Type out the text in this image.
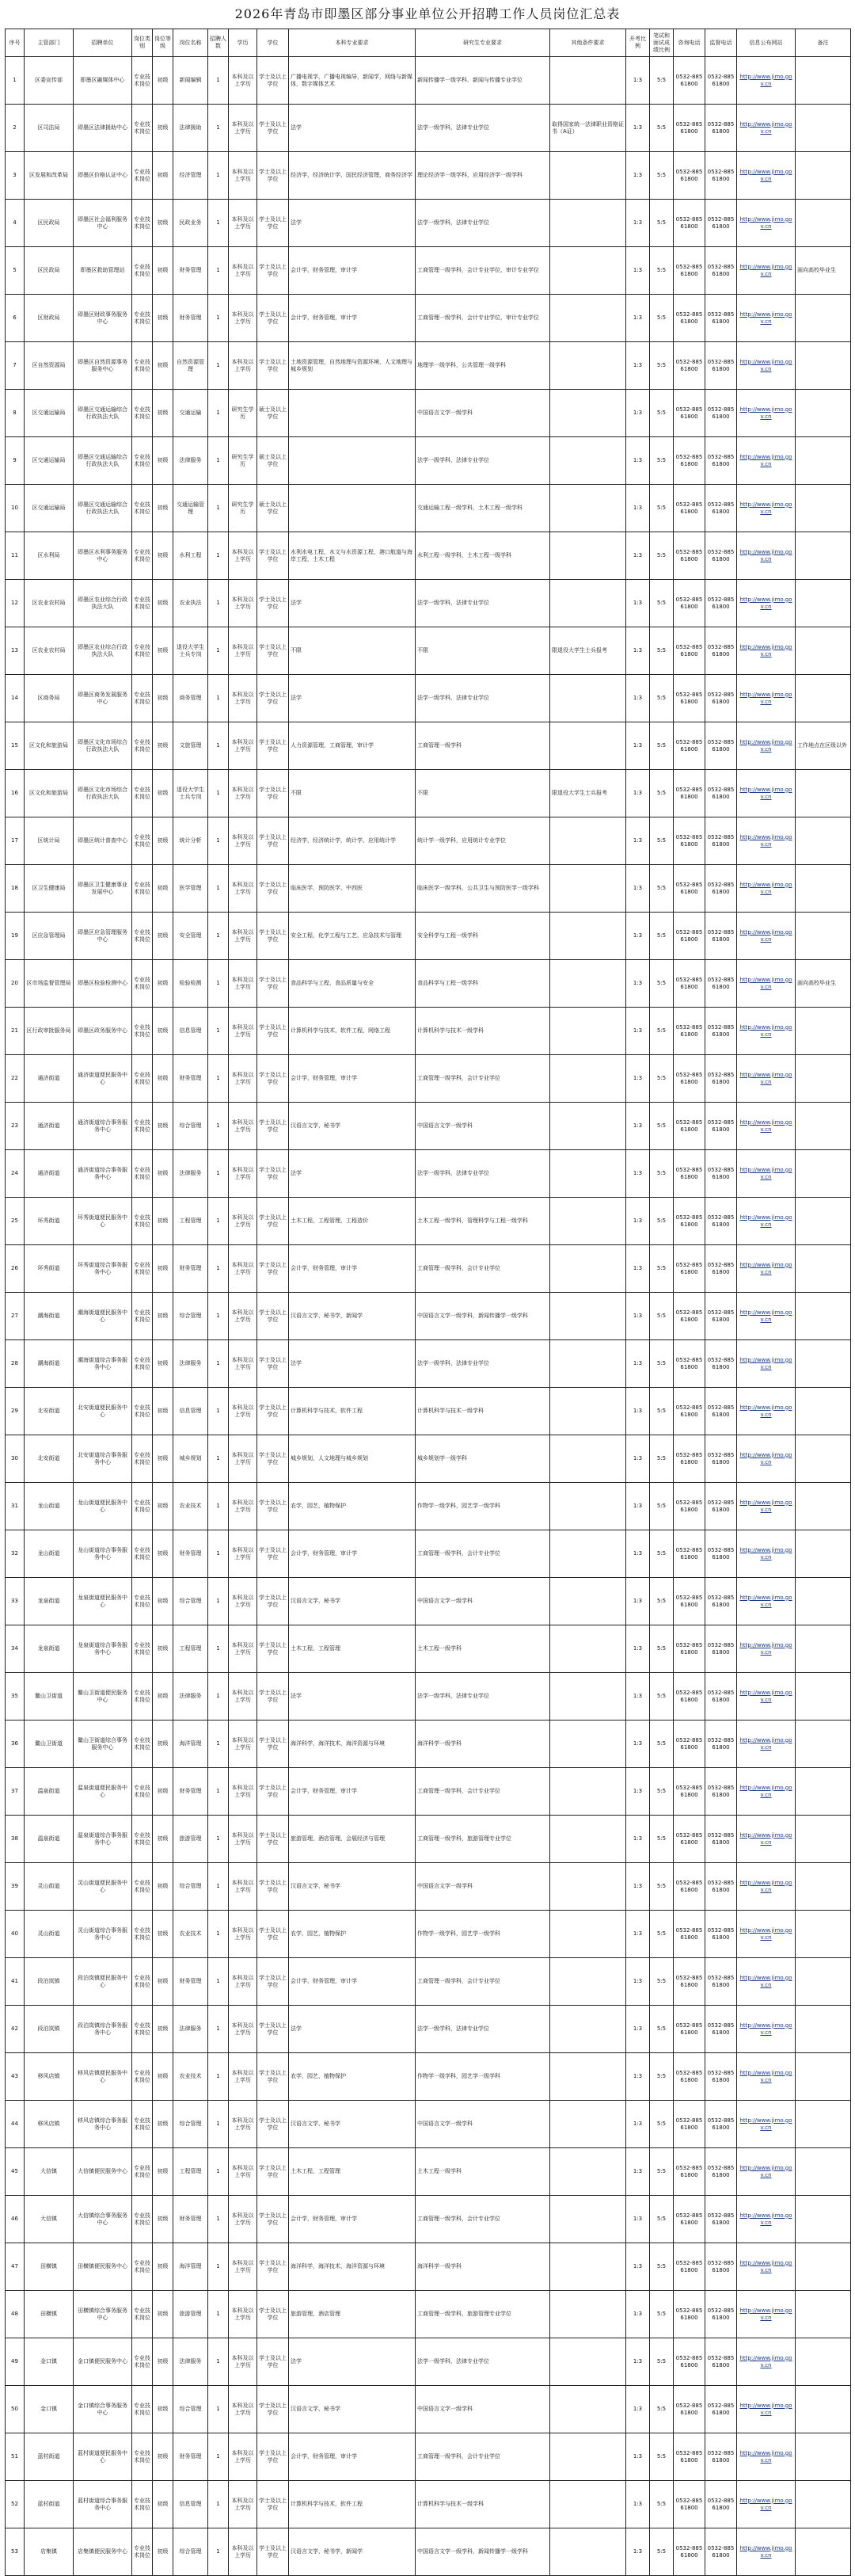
2026年青岛市即墨区部分事业单位公开招聘工作人员岗位汇总表
序号	主管部门	招聘单位	岗位类别	岗位等级	岗位名称	招聘人数	学历	学位	本科专业要求	研究生专业要求	其他条件要求	开考比例	笔试和面试成绩比例	咨询电话	监督电话	信息公布网站	备注
1	区委宣传部	即墨区融媒体中心	专业技术岗位	初级	新闻编辑	1	本科及以上学历	学士及以上学位	广播电视学，广播电视编导，新闻学，网络与新媒体，数字媒体艺术	新闻传播学一级学科，新闻与传播专业学位		1:3	5:5	0532-88561800	0532-88561800	http://www.jimo.gov.cn	
2	区司法局	即墨区法律援助中心	专业技术岗位	初级	法律援助	1	本科及以上学历	学士及以上学位	法学	法学一级学科，法律专业学位	取得国家统一法律职业资格证书（A证）	1:3	5:5	0532-88561800	0532-88561800	http://www.jimo.gov.cn	
3	区发展和改革局	即墨区价格认证中心	专业技术岗位	初级	经济管理	1	本科及以上学历	学士及以上学位	经济学，经济统计学，国民经济管理，商务经济学	理论经济学一级学科，应用经济学一级学科		1:3	5:5	0532-88561800	0532-88561800	http://www.jimo.gov.cn	
4	区民政局	即墨区社会福利服务中心	专业技术岗位	初级	民政业务	1	本科及以上学历	学士及以上学位	法学	法学一级学科，法律专业学位		1:3	5:5	0532-88561800	0532-88561800	http://www.jimo.gov.cn	
5	区民政局	即墨区救助管理站	专业技术岗位	初级	财务管理	1	本科及以上学历	学士及以上学位	会计学，财务管理，审计学	工商管理一级学科，会计专业学位，审计专业学位		1:3	5:5	0532-88561800	0532-88561800	http://www.jimo.gov.cn	面向高校毕业生
6	区财政局	即墨区财政事务服务中心	专业技术岗位	初级	财务管理	1	本科及以上学历	学士及以上学位	会计学，财务管理，审计学	工商管理一级学科，会计专业学位，审计专业学位		1:3	5:5	0532-88561800	0532-88561800	http://www.jimo.gov.cn	
7	区自然资源局	即墨区自然资源事务服务中心	专业技术岗位	初级	自然资源管理	1	本科及以上学历	学士及以上学位	土地资源管理，自然地理与资源环境，人文地理与城乡规划	地理学一级学科，公共管理一级学科		1:3	5:5	0532-88561800	0532-88561800	http://www.jimo.gov.cn	
8	区交通运输局	即墨区交通运输综合行政执法大队	专业技术岗位	初级	交通运输	1	研究生学历	硕士及以上学位		中国语言文学一级学科		1:3	5:5	0532-88561800	0532-88561800	http://www.jimo.gov.cn	
9	区交通运输局	即墨区交通运输综合行政执法大队	专业技术岗位	初级	法律服务	1	研究生学历	硕士及以上学位		法学一级学科，法律专业学位		1:3	5:5	0532-88561800	0532-88561800	http://www.jimo.gov.cn	
10	区交通运输局	即墨区交通运输综合行政执法大队	专业技术岗位	初级	交通运输管理	1	研究生学历	硕士及以上学位		交通运输工程一级学科，土木工程一级学科		1:3	5:5	0532-88561800	0532-88561800	http://www.jimo.gov.cn	
11	区水利局	即墨区水利事务服务中心	专业技术岗位	初级	水利工程	1	本科及以上学历	学士及以上学位	水利水电工程，水文与水资源工程，港口航道与海岸工程，土木工程	水利工程一级学科，土木工程一级学科		1:3	5:5	0532-88561800	0532-88561800	http://www.jimo.gov.cn	
12	区农业农村局	即墨区农业综合行政执法大队	专业技术岗位	初级	农业执法	1	本科及以上学历	学士及以上学位	法学	法学一级学科，法律专业学位		1:3	5:5	0532-88561800	0532-88561800	http://www.jimo.gov.cn	
13	区农业农村局	即墨区农业综合行政执法大队	专业技术岗位	初级	退役大学生士兵专岗	1	本科及以上学历	学士及以上学位	不限	不限	限退役大学生士兵报考	1:3	5:5	0532-88561800	0532-88561800	http://www.jimo.gov.cn	
14	区商务局	即墨区商务发展服务中心	专业技术岗位	初级	商务管理	1	本科及以上学历	学士及以上学位	法学	法学一级学科，法律专业学位		1:3	5:5	0532-88561800	0532-88561800	http://www.jimo.gov.cn	
15	区文化和旅游局	即墨区文化市场综合行政执法大队	专业技术岗位	初级	文旅管理	1	本科及以上学历	学士及以上学位	人力资源管理，工商管理，审计学	工商管理一级学科		1:3	5:5	0532-88561800	0532-88561800	http://www.jimo.gov.cn	工作地点在区级以外
16	区文化和旅游局	即墨区文化市场综合行政执法大队	专业技术岗位	初级	退役大学生士兵专岗	1	本科及以上学历	学士及以上学位	不限	不限	限退役大学生士兵报考	1:3	5:5	0532-88561800	0532-88561800	http://www.jimo.gov.cn	
17	区统计局	即墨区统计普查中心	专业技术岗位	初级	统计分析	1	本科及以上学历	学士及以上学位	经济学，经济统计学，统计学，应用统计学	统计学一级学科，应用统计专业学位		1:3	5:5	0532-88561800	0532-88561800	http://www.jimo.gov.cn	
18	区卫生健康局	即墨区卫生健康事业发展中心	专业技术岗位	初级	医学管理	1	本科及以上学历	学士及以上学位	临床医学，预防医学，中西医	临床医学一级学科，公共卫生与预防医学一级学科		1:3	5:5	0532-88561800	0532-88561800	http://www.jimo.gov.cn	
19	区应急管理局	即墨区应急管理服务中心	专业技术岗位	初级	安全管理	1	本科及以上学历	学士及以上学位	安全工程，化学工程与工艺，应急技术与管理	安全科学与工程一级学科		1:3	5:5	0532-88561800	0532-88561800	http://www.jimo.gov.cn	
20	区市场监督管理局	即墨区检验检测中心	专业技术岗位	初级	检验检测	1	本科及以上学历	学士及以上学位	食品科学与工程，食品质量与安全	食品科学与工程一级学科		1:3	5:5	0532-88561800	0532-88561800	http://www.jimo.gov.cn	面向高校毕业生
21	区行政审批服务局	即墨区政务服务中心	专业技术岗位	初级	信息管理	1	本科及以上学历	学士及以上学位	计算机科学与技术，软件工程，网络工程	计算机科学与技术一级学科		1:3	5:5	0532-88561800	0532-88561800	http://www.jimo.gov.cn	
22	通济街道	通济街道便民服务中心	专业技术岗位	初级	财务管理	1	本科及以上学历	学士及以上学位	会计学，财务管理，审计学	工商管理一级学科，会计专业学位		1:3	5:5	0532-88561800	0532-88561800	http://www.jimo.gov.cn	
23	通济街道	通济街道综合事务服务中心	专业技术岗位	初级	综合管理	1	本科及以上学历	学士及以上学位	汉语言文学，秘书学	中国语言文学一级学科		1:3	5:5	0532-88561800	0532-88561800	http://www.jimo.gov.cn	
24	通济街道	通济街道综合事务服务中心	专业技术岗位	初级	法律服务	1	本科及以上学历	学士及以上学位	法学	法学一级学科，法律专业学位		1:3	5:5	0532-88561800	0532-88561800	http://www.jimo.gov.cn	
25	环秀街道	环秀街道便民服务中心	专业技术岗位	初级	工程管理	1	本科及以上学历	学士及以上学位	土木工程，工程管理，工程造价	土木工程一级学科，管理科学与工程一级学科		1:3	5:5	0532-88561800	0532-88561800	http://www.jimo.gov.cn	
26	环秀街道	环秀街道综合事务服务中心	专业技术岗位	初级	财务管理	1	本科及以上学历	学士及以上学位	会计学，财务管理，审计学	工商管理一级学科，会计专业学位		1:3	5:5	0532-88561800	0532-88561800	http://www.jimo.gov.cn	
27	潮海街道	潮海街道便民服务中心	专业技术岗位	初级	综合管理	1	本科及以上学历	学士及以上学位	汉语言文学，秘书学，新闻学	中国语言文学一级学科，新闻传播学一级学科		1:3	5:5	0532-88561800	0532-88561800	http://www.jimo.gov.cn	
28	潮海街道	潮海街道综合事务服务中心	专业技术岗位	初级	法律服务	1	本科及以上学历	学士及以上学位	法学	法学一级学科，法律专业学位		1:3	5:5	0532-88561800	0532-88561800	http://www.jimo.gov.cn	
29	北安街道	北安街道便民服务中心	专业技术岗位	初级	信息管理	1	本科及以上学历	学士及以上学位	计算机科学与技术，软件工程	计算机科学与技术一级学科		1:3	5:5	0532-88561800	0532-88561800	http://www.jimo.gov.cn	
30	北安街道	北安街道综合事务服务中心	专业技术岗位	初级	城乡规划	1	本科及以上学历	学士及以上学位	城乡规划，人文地理与城乡规划	城乡规划学一级学科		1:3	5:5	0532-88561800	0532-88561800	http://www.jimo.gov.cn	
31	龙山街道	龙山街道便民服务中心	专业技术岗位	初级	农业技术	1	本科及以上学历	学士及以上学位	农学，园艺，植物保护	作物学一级学科，园艺学一级学科		1:3	5:5	0532-88561800	0532-88561800	http://www.jimo.gov.cn	
32	龙山街道	龙山街道综合事务服务中心	专业技术岗位	初级	财务管理	1	本科及以上学历	学士及以上学位	会计学，财务管理，审计学	工商管理一级学科，会计专业学位		1:3	5:5	0532-88561800	0532-88561800	http://www.jimo.gov.cn	
33	龙泉街道	龙泉街道便民服务中心	专业技术岗位	初级	综合管理	1	本科及以上学历	学士及以上学位	汉语言文学，秘书学	中国语言文学一级学科		1:3	5:5	0532-88561800	0532-88561800	http://www.jimo.gov.cn	
34	龙泉街道	龙泉街道综合事务服务中心	专业技术岗位	初级	工程管理	1	本科及以上学历	学士及以上学位	土木工程，工程管理	土木工程一级学科		1:3	5:5	0532-88561800	0532-88561800	http://www.jimo.gov.cn	
35	鳌山卫街道	鳌山卫街道便民服务中心	专业技术岗位	初级	法律服务	1	本科及以上学历	学士及以上学位	法学	法学一级学科，法律专业学位		1:3	5:5	0532-88561800	0532-88561800	http://www.jimo.gov.cn	
36	鳌山卫街道	鳌山卫街道综合事务服务中心	专业技术岗位	初级	海洋管理	1	本科及以上学历	学士及以上学位	海洋科学，海洋技术，海洋资源与环境	海洋科学一级学科		1:3	5:5	0532-88561800	0532-88561800	http://www.jimo.gov.cn	
37	温泉街道	温泉街道便民服务中心	专业技术岗位	初级	财务管理	1	本科及以上学历	学士及以上学位	会计学，财务管理，审计学	工商管理一级学科，会计专业学位		1:3	5:5	0532-88561800	0532-88561800	http://www.jimo.gov.cn	
38	温泉街道	温泉街道综合事务服务中心	专业技术岗位	初级	旅游管理	1	本科及以上学历	学士及以上学位	旅游管理，酒店管理，会展经济与管理	工商管理一级学科，旅游管理专业学位		1:3	5:5	0532-88561800	0532-88561800	http://www.jimo.gov.cn	
39	灵山街道	灵山街道便民服务中心	专业技术岗位	初级	综合管理	1	本科及以上学历	学士及以上学位	汉语言文学，秘书学	中国语言文学一级学科		1:3	5:5	0532-88561800	0532-88561800	http://www.jimo.gov.cn	
40	灵山街道	灵山街道综合事务服务中心	专业技术岗位	初级	农业技术	1	本科及以上学历	学士及以上学位	农学，园艺，植物保护	作物学一级学科，园艺学一级学科		1:3	5:5	0532-88561800	0532-88561800	http://www.jimo.gov.cn	
41	段泊岚镇	段泊岚镇便民服务中心	专业技术岗位	初级	财务管理	1	本科及以上学历	学士及以上学位	会计学，财务管理，审计学	工商管理一级学科，会计专业学位		1:3	5:5	0532-88561800	0532-88561800	http://www.jimo.gov.cn	
42	段泊岚镇	段泊岚镇综合事务服务中心	专业技术岗位	初级	法律服务	1	本科及以上学历	学士及以上学位	法学	法学一级学科，法律专业学位		1:3	5:5	0532-88561800	0532-88561800	http://www.jimo.gov.cn	
43	移风店镇	移风店镇便民服务中心	专业技术岗位	初级	农业技术	1	本科及以上学历	学士及以上学位	农学，园艺，植物保护	作物学一级学科，园艺学一级学科		1:3	5:5	0532-88561800	0532-88561800	http://www.jimo.gov.cn	
44	移风店镇	移风店镇综合事务服务中心	专业技术岗位	初级	综合管理	1	本科及以上学历	学士及以上学位	汉语言文学，秘书学	中国语言文学一级学科		1:3	5:5	0532-88561800	0532-88561800	http://www.jimo.gov.cn	
45	大信镇	大信镇便民服务中心	专业技术岗位	初级	工程管理	1	本科及以上学历	学士及以上学位	土木工程，工程管理	土木工程一级学科		1:3	5:5	0532-88561800	0532-88561800	http://www.jimo.gov.cn	
46	大信镇	大信镇综合事务服务中心	专业技术岗位	初级	财务管理	1	本科及以上学历	学士及以上学位	会计学，财务管理，审计学	工商管理一级学科，会计专业学位		1:3	5:5	0532-88561800	0532-88561800	http://www.jimo.gov.cn	
47	田横镇	田横镇便民服务中心	专业技术岗位	初级	海洋管理	1	本科及以上学历	学士及以上学位	海洋科学，海洋技术，海洋资源与环境	海洋科学一级学科		1:3	5:5	0532-88561800	0532-88561800	http://www.jimo.gov.cn	
48	田横镇	田横镇综合事务服务中心	专业技术岗位	初级	旅游管理	1	本科及以上学历	学士及以上学位	旅游管理，酒店管理	工商管理一级学科，旅游管理专业学位		1:3	5:5	0532-88561800	0532-88561800	http://www.jimo.gov.cn	
49	金口镇	金口镇便民服务中心	专业技术岗位	初级	法律服务	1	本科及以上学历	学士及以上学位	法学	法学一级学科，法律专业学位		1:3	5:5	0532-88561800	0532-88561800	http://www.jimo.gov.cn	
50	金口镇	金口镇综合事务服务中心	专业技术岗位	初级	综合管理	1	本科及以上学历	学士及以上学位	汉语言文学，秘书学	中国语言文学一级学科		1:3	5:5	0532-88561800	0532-88561800	http://www.jimo.gov.cn	
51	蓝村街道	蓝村街道便民服务中心	专业技术岗位	初级	财务管理	1	本科及以上学历	学士及以上学位	会计学，财务管理，审计学	工商管理一级学科，会计专业学位		1:3	5:5	0532-88561800	0532-88561800	http://www.jimo.gov.cn	
52	蓝村街道	蓝村街道综合事务服务中心	专业技术岗位	初级	信息管理	1	本科及以上学历	学士及以上学位	计算机科学与技术，软件工程	计算机科学与技术一级学科		1:3	5:5	0532-88561800	0532-88561800	http://www.jimo.gov.cn	
53	店集镇	店集镇便民服务中心	专业技术岗位	初级	综合管理	1	本科及以上学历	学士及以上学位	汉语言文学，秘书学，新闻学	中国语言文学一级学科，新闻传播学一级学科		1:3	5:5	0532-88561800	0532-88561800	http://www.jimo.gov.cn	
